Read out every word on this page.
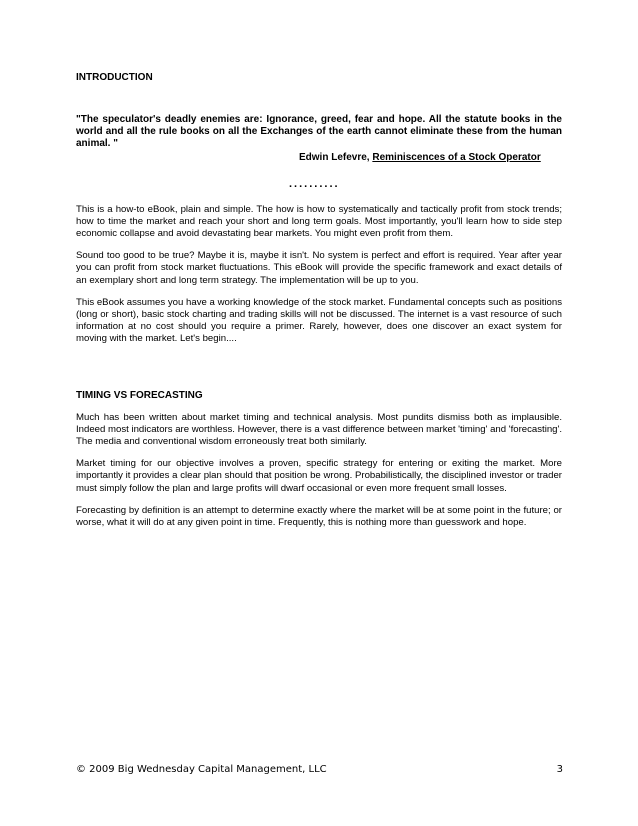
INTRODUCTION

"The speculator's deadly enemies are: Ignorance, greed, fear and hope. All the statute books in the world and all the rule books on all the Exchanges of the earth cannot eliminate these from the human animal. "

Edwin Lefevre, Reminiscences of a Stock Operator

..........

This is a how-to eBook, plain and simple. The how is how to systematically and tactically profit from stock trends; how to time the market and reach your short and long term goals. Most importantly, you'll learn how to side step economic collapse and avoid devastating bear markets. You might even profit from them.

Sound too good to be true? Maybe it is, maybe it isn't. No system is perfect and effort is required. Year after year you can profit from stock market fluctuations. This eBook will provide the specific framework and exact details of an exemplary short and long term strategy. The implementation will be up to you.

This eBook assumes you have a working knowledge of the stock market. Fundamental concepts such as positions (long or short), basic stock charting and trading skills will not be discussed. The internet is a vast resource of such information at no cost should you require a primer. Rarely, however, does one discover an exact system for moving with the market. Let's begin....

TIMING VS FORECASTING

Much has been written about market timing and technical analysis. Most pundits dismiss both as implausible. Indeed most indicators are worthless. However, there is a vast difference between market 'timing' and 'forecasting'. The media and conventional wisdom erroneously treat both similarly.

Market timing for our objective involves a proven, specific strategy for entering or exiting the market. More importantly it provides a clear plan should that position be wrong. Probabilistically, the disciplined investor or trader must simply follow the plan and large profits will dwarf occasional or even more frequent small losses.

Forecasting by definition is an attempt to determine exactly where the market will be at some point in the future; or worse, what it will do at any given point in time. Frequently, this is nothing more than guesswork and hope.

© 2009 Big Wednesday Capital Management, LLC	3
